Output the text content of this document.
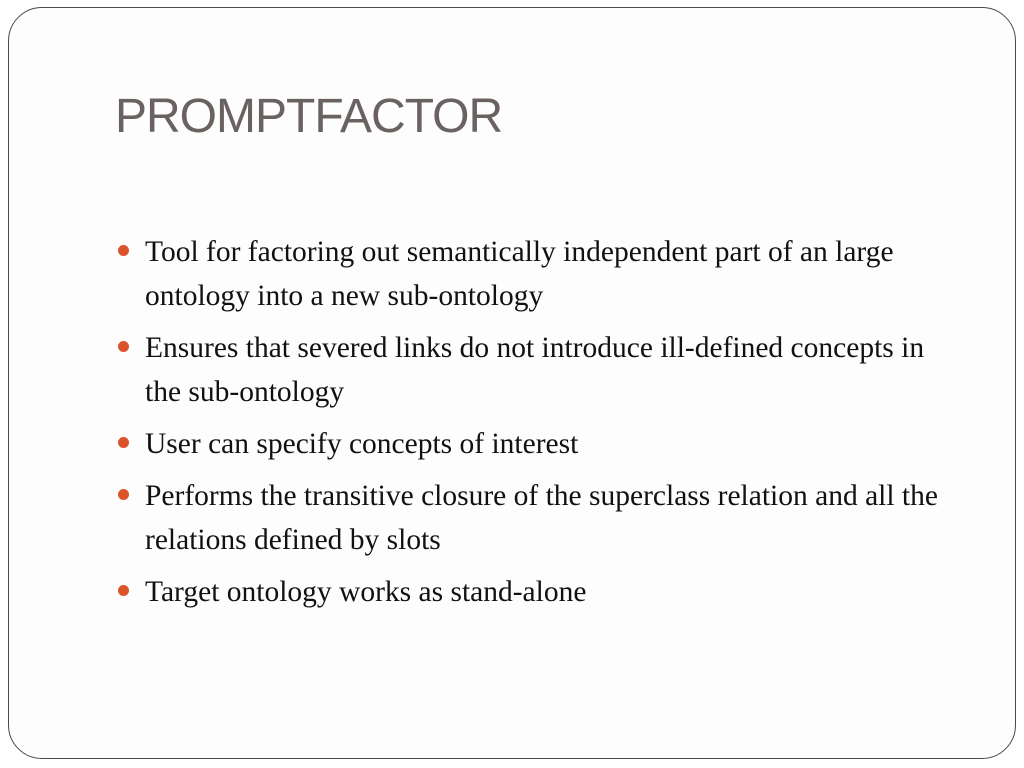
PROMPTFACTOR
Tool for factoring out semantically independent part of an large ontology into a new sub-ontology
Ensures that severed links do not introduce ill-defined concepts in the sub-ontology
User can specify concepts of interest
Performs the transitive closure of the superclass relation and all the relations defined by slots
Target ontology works as stand-alone
